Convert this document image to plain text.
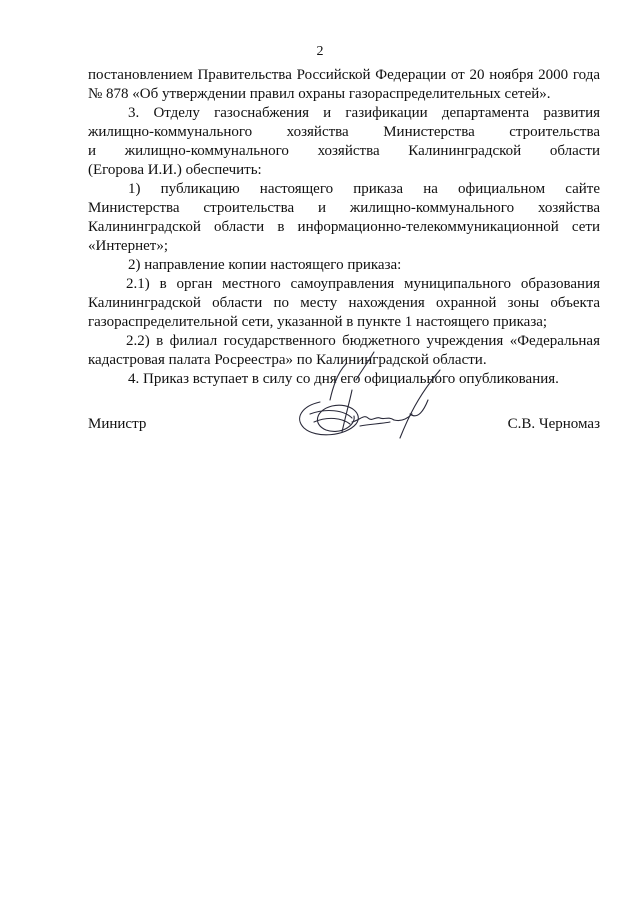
2
постановлением Правительства Российской Федерации от 20 ноября 2000 года
№ 878 «Об утверждении правил охраны газораспределительных сетей».
3. Отделу газоснабжения и газификации департамента развития
жилищно-коммунального хозяйства Министерства строительства
и жилищно-коммунального хозяйства Калининградской области
(Егорова И.И.) обеспечить:
1) публикацию настоящего приказа на официальном сайте
Министерства строительства и жилищно-коммунального хозяйства
Калининградской области в информационно-телекоммуникационной сети
«Интернет»;
2) направление копии настоящего приказа:
2.1) в орган местного самоуправления муниципального образования
Калининградской области по месту нахождения охранной зоны объекта
газораспределительной сети, указанной в пункте 1 настоящего приказа;
2.2) в филиал государственного бюджетного учреждения «Федеральная
кадастровая палата Росреестра» по Калининградской области.
4. Приказ вступает в силу со дня его официального опубликования.
Министр	С.В. Черномаз
